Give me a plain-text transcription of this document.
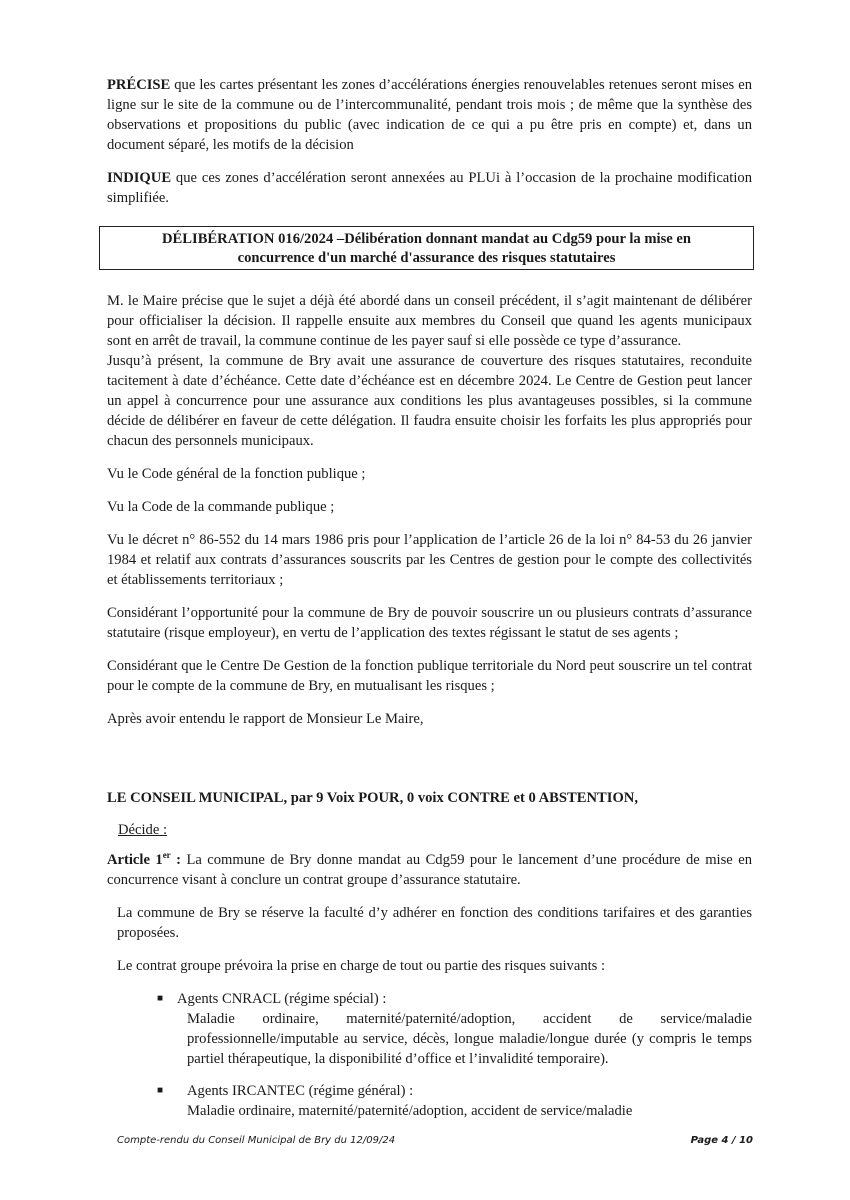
PRÉCISE que les cartes présentant les zones d’accélérations énergies renouvelables retenues seront mises en ligne sur le site de la commune ou de l’intercommunalité, pendant trois mois ; de même que la synthèse des observations et propositions du public (avec indication de ce qui a pu être pris en compte) et, dans un document séparé, les motifs de la décision

INDIQUE que ces zones d’accélération seront annexées au PLUi à l’occasion de la prochaine modification simplifiée.

DÉLIBÉRATION 016/2024 –Délibération donnant mandat au Cdg59 pour la mise en
concurrence d'un marché d'assurance des risques statutaires

M. le Maire précise que le sujet a déjà été abordé dans un conseil précédent, il s’agit maintenant de délibérer pour officialiser la décision. Il rappelle ensuite aux membres du Conseil que quand les agents municipaux sont en arrêt de travail, la commune continue de les payer sauf si elle possède ce type d’assurance.

Jusqu’à présent, la commune de Bry avait une assurance de couverture des risques statutaires, reconduite tacitement à date d’échéance. Cette date d’échéance est en décembre 2024. Le Centre de Gestion peut lancer un appel à concurrence pour une assurance aux conditions les plus avantageuses possibles, si la commune décide de délibérer en faveur de cette délégation. Il faudra ensuite choisir les forfaits les plus appropriés pour chacun des personnels municipaux.

Vu le Code général de la fonction publique ;

Vu la Code de la commande publique ;

Vu le décret n° 86-552 du 14 mars 1986 pris pour l’application de l’article 26 de la loi n° 84-53 du 26 janvier 1984 et relatif aux contrats d’assurances souscrits par les Centres de gestion pour le compte des collectivités et établissements territoriaux ;

Considérant l’opportunité pour la commune de Bry de pouvoir souscrire un ou plusieurs contrats d’assurance statutaire (risque employeur), en vertu de l’application des textes régissant le statut de ses agents ;

Considérant que le Centre De Gestion de la fonction publique territoriale du Nord peut souscrire un tel contrat pour le compte de la commune de Bry, en mutualisant les risques ;

Après avoir entendu le rapport de Monsieur Le Maire,

LE CONSEIL MUNICIPAL, par 9 Voix POUR, 0 voix CONTRE et 0 ABSTENTION,

Décide :

Article 1er : La commune de Bry donne mandat au Cdg59 pour le lancement d’une procédure de mise en concurrence visant à conclure un contrat groupe d’assurance statutaire.

La commune de Bry se réserve la faculté d’y adhérer en fonction des conditions tarifaires et des garanties proposées.

Le contrat groupe prévoira la prise en charge de tout ou partie des risques suivants :

■ Agents CNRACL (régime spécial) :
Maladie ordinaire, maternité/paternité/adoption, accident de service/maladie professionnelle/imputable au service, décès, longue maladie/longue durée (y compris le temps partiel thérapeutique, la disponibilité d’office et l’invalidité temporaire).
■ Agents IRCANTEC (régime général) :
Maladie ordinaire, maternité/paternité/adoption, accident de service/maladie
Compte-rendu du Conseil Municipal de Bry du 12/09/24	Page 4 / 10
